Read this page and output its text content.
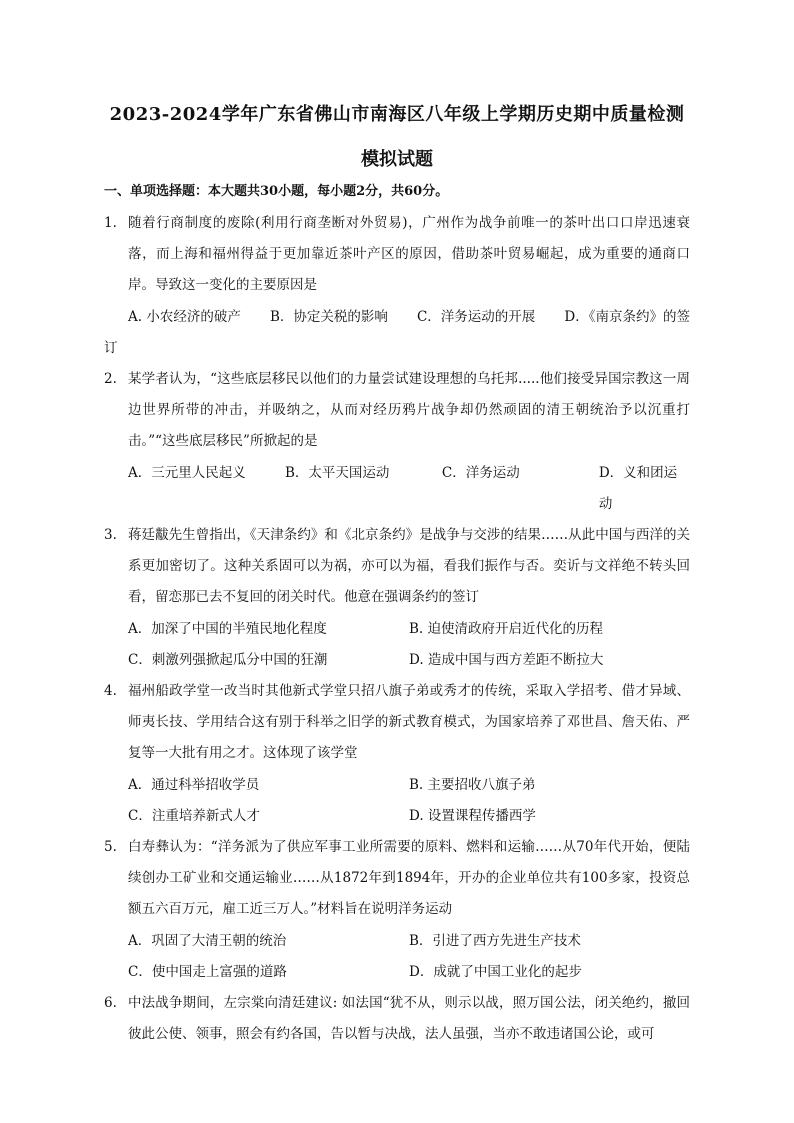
2023-2024学年广东省佛山市南海区八年级上学期历史期中质量检测
模拟试题
一、单项选择题：本大题共30小题，每小题2分，共60分。
1. 随着行商制度的废除(利用行商垄断对外贸易)，广州作为战争前唯一的茶叶出口口岸迅速衰落，而上海和福州得益于更加靠近茶叶产区的原因，借助茶叶贸易崛起，成为重要的通商口岸。导致这一变化的主要原因是
A. 小农经济的破产 B．协定关税的影响 C．洋务运动的开展 D．《南京条约》的签
订
2. 某学者认为，“这些底层移民以他们的力量尝试建设理想的乌托邦.....他们接受异国宗教这一周边世界所带的冲击，并吸纳之，从而对经历鸦片战争却仍然顽固的清王朝统治予以沉重打击。”“这些底层移民”所掀起的是
A．三元里人民起义	B．太平天国运动	C．洋务运动	D．义和团运动
3. 蒋廷黻先生曾指出，《天津条约》和《北京条约》是战争与交涉的结果……从此中国与西洋的关系更加密切了。这种关系固可以为祸，亦可以为福，看我们振作与否。奕䜣与文祥绝不转头回看，留恋那已去不复回的闭关时代。他意在强调条约的签订
A．加深了中国的半殖民地化程度	B. 迫使清政府开启近代化的历程
C．刺激列强掀起瓜分中国的狂潮	D. 造成中国与西方差距不断拉大
4. 福州船政学堂一改当时其他新式学堂只招八旗子弟或秀才的传统，采取入学招考、借才异域、师夷长技、学用结合这有别于科举之旧学的新式教育模式，为国家培养了邓世昌、詹天佑、严复等一大批有用之才。这体现了该学堂
A．通过科举招收学员	B. 主要招收八旗子弟
C．注重培养新式人才	D. 设置课程传播西学
5. 白寿彝认为：“洋务派为了供应军事工业所需要的原料、燃料和运输……从70年代开始，便陆续创办工矿业和交通运输业……从1872年到1894年，开办的企业单位共有100多家，投资总额五六百万元，雇工近三万人。”材料旨在说明洋务运动
A．巩固了大清王朝的统治	B．引进了西方先进生产技术
C．使中国走上富强的道路	D．成就了中国工业化的起步
6. 中法战争期间，左宗棠向清廷建议: 如法国“犹不从，则示以战，照万国公法，闭关绝约，撤回彼此公使、领事，照会有约各国，告以暂与决战，法人虽强，当亦不敢违诸国公论，或可
